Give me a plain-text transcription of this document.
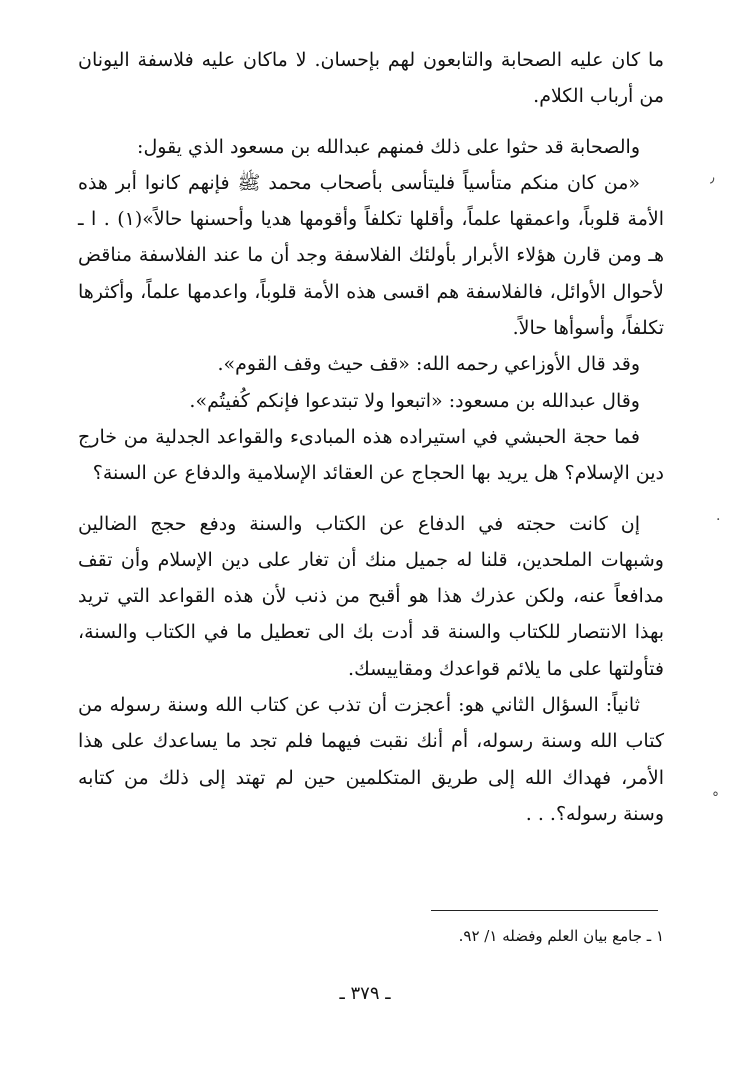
ما كان عليه الصحابة والتابعون لهم بإحسان. لا ماكان عليه فلاسفة اليونان من أرباب الكلام.

والصحابة قد حثوا على ذلك فمنهم عبدالله بن مسعود الذي يقول:

«من كان منكم متأسياً فليتأسى بأصحاب محمد ﷺ فإنهم كانوا أبر هذه الأمة قلوباً، واعمقها علماً، وأقلها تكلفاً وأقومها هديا وأحسنها حالاً»(١) . ا ـ هـ ومن قارن هؤلاء الأبرار بأولئك الفلاسفة وجد أن ما عند الفلاسفة مناقض لأحوال الأوائل، فالفلاسفة هم اقسى هذه الأمة قلوباً، واعدمها علماً، وأكثرها تكلفاً، وأسوأها حالاً.

وقد قال الأوزاعي رحمه الله: «قف حيث وقف القوم».

وقال عبدالله بن مسعود: «اتبعوا ولا تبتدعوا فإنكم كُفيتُم».

فما حجة الحبشي في استيراده هذه المبادىء والقواعد الجدلية من خارج دين الإسلام؟ هل يريد بها الحجاج عن العقائد الإسلامية والدفاع عن السنة؟

إن كانت حجته في الدفاع عن الكتاب والسنة ودفع حجج الضالين وشبهات الملحدين، قلنا له جميل منك أن تغار على دين الإسلام وأن تقف مدافعاً عنه، ولكن عذرك هذا هو أقبح من ذنب لأن هذه القواعد التي تريد بهذا الانتصار للكتاب والسنة قد أدت بك الى تعطيل ما في الكتاب والسنة، فتأولتها على ما يلائم قواعدك ومقاييسك.

ثانياً: السؤال الثاني هو: أعجزت أن تذب عن كتاب الله وسنة رسوله من كتاب الله وسنة رسوله، أم أنك نقبت فيهما فلم تجد ما يساعدك على هذا الأمر، فهداك الله إلى طريق المتكلمين حين لم تهتد إلى ذلك من كتابه وسنة رسوله؟. . .

٫
.
°
١ ـ جامع بيان العلم وفضله ١/ ٩٢.
ـ ٣٧٩ ـ
